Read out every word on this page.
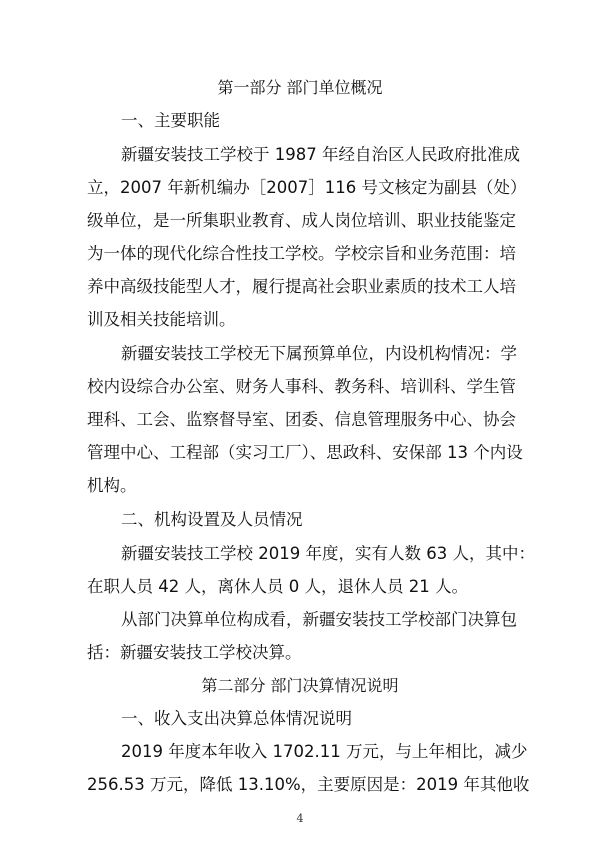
第一部分 部门单位概况
一、主要职能
新疆安装技工学校于 1987 年经自治区人民政府批准成
立，2007 年新机编办［2007］116 号文核定为副县（处）
级单位，是一所集职业教育、成人岗位培训、职业技能鉴定
为一体的现代化综合性技工学校。学校宗旨和业务范围：培
养中高级技能型人才，履行提高社会职业素质的技术工人培
训及相关技能培训。
新疆安装技工学校无下属预算单位，内设机构情况：学
校内设综合办公室、财务人事科、教务科、培训科、学生管
理科、工会、监察督导室、团委、信息管理服务中心、协会
管理中心、工程部（实习工厂）、思政科、安保部 13 个内设
机构。
二、机构设置及人员情况
新疆安装技工学校 2019 年度，实有人数 63 人，其中：
在职人员 42 人，离休人员 0 人，退休人员 21 人。
从部门决算单位构成看，新疆安装技工学校部门决算包
括：新疆安装技工学校决算。
第二部分 部门决算情况说明
一、收入支出决算总体情况说明
2019 年度本年收入 1702.11 万元，与上年相比，减少
256.53 万元，降低 13.10%，主要原因是：2019 年其他收
4
